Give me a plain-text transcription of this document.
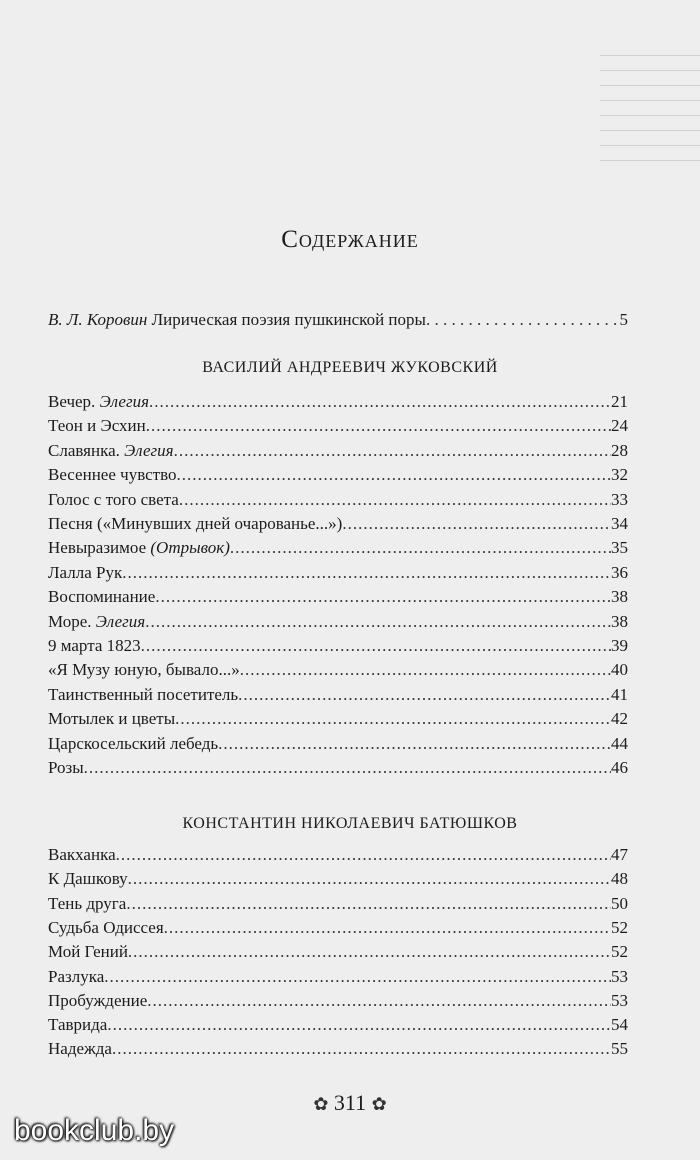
Содержание
В. Л. Коровин Лирическая поэзия пушкинской поры . . .	5
ВАСИЛИЙ АНДРЕЕВИЧ ЖУКОВСКИЙ
Вечер. Элегия .....	21
Теон и Эсхин .....	24
Славянка. Элегия .....	28
Весеннее чувство .....	32
Голос с того света .....	33
Песня («Минувших дней очарованье...») .....	34
Невыразимое (Отрывок) .....	35
Лалла Рук .....	36
Воспоминание .....	38
Море. Элегия .....	38
9 марта 1823 .....	39
«Я Музу юную, бывало...» .....	40
Таинственный посетитель .....	41
Мотылек и цветы .....	42
Царскосельский лебедь .....	44
Розы .....	46
КОНСТАНТИН НИКОЛАЕВИЧ БАТЮШКОВ
Вакханка .....	47
К Дашкову .....	48
Тень друга .....	50
Судьба Одиссея .....	52
Мой Гений .....	52
Разлука .....	53
Пробуждение .....	53
Таврида .....	54
Надежда .....	55
✿ 311 ✿
bookclub.by
